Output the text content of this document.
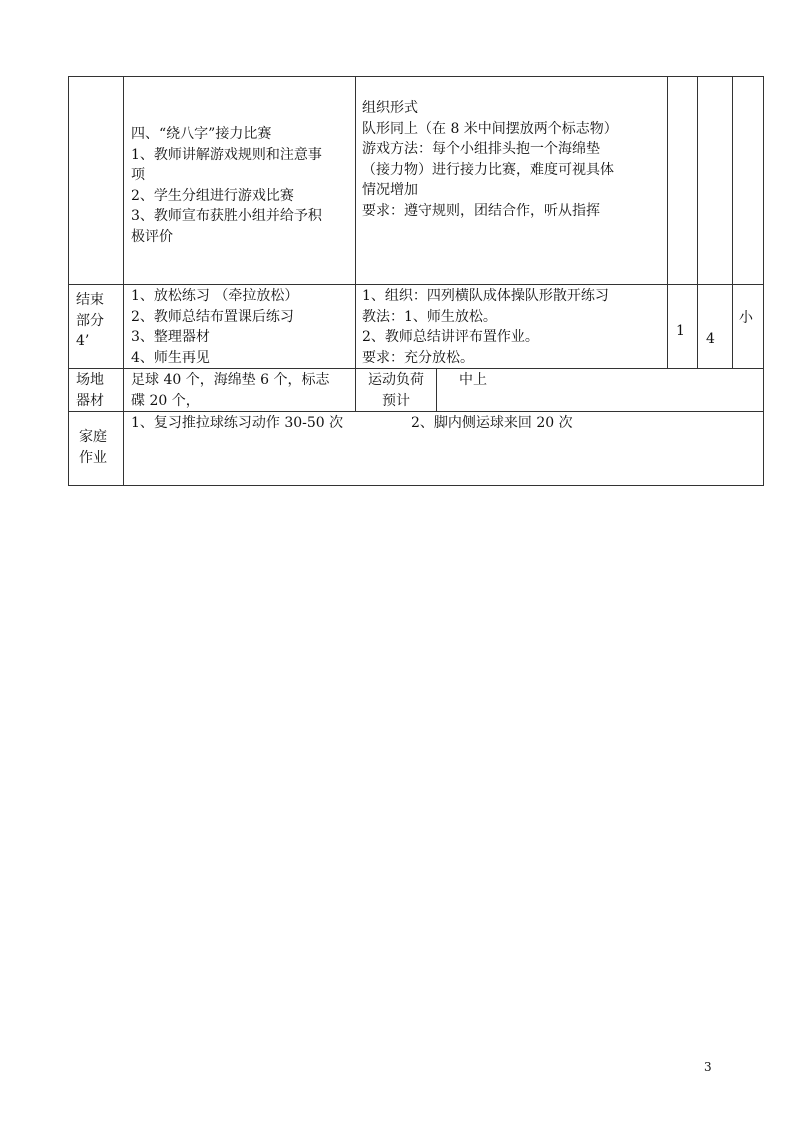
四、“绕八字”接力比赛
1、教师讲解游戏规则和注意事
项
2、学生分组进行游戏比赛
3、教师宣布获胜小组并给予积
极评价
组织形式
队形同上（在 8 米中间摆放两个标志物）
游戏方法：每个小组排头抱一个海绵垫
（接力物）进行接力比赛，难度可视具体
情况增加
要求：遵守规则，团结合作，听从指挥
结束
部分
4’
1、放松练习 （牵拉放松）
2、教师总结布置课后练习
3、整理器材
4、师生再见
1、组织：四列横队成体操队形散开练习
教法：1、师生放松。
2、教师总结讲评布置作业。
要求：充分放松。
1 4
小
场地
器材
足球 40 个，海绵垫 6 个，标志
碟 20 个，
运动负荷
预计
中上
家庭
作业
1、复习推拉球练习动作 30-50 次	2、脚内侧运球来回 20 次
3
